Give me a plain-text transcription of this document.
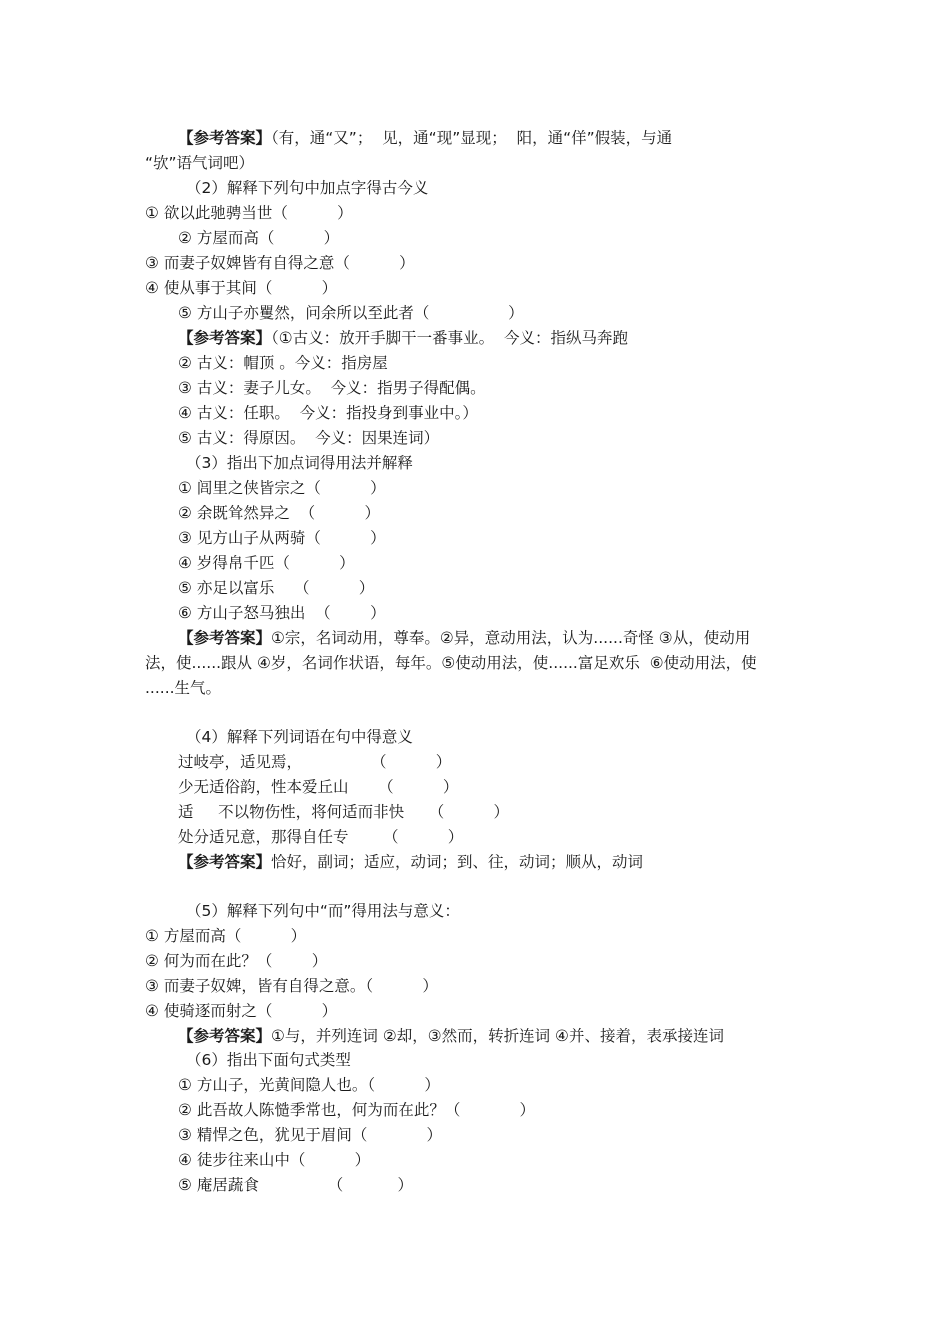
【参考答案】（有，通“又”；  见，通“现”显现；  阳，通“佯”假装，与通
“欤”语气词吧）
（2）解释下列句中加点字得古今义
① 欲以此驰骋当世（          ）
② 方屋而高（          ）
③ 而妻子奴婢皆有自得之意（          ）
④ 使从事于其间（          ）
⑤ 方山子亦矍然，问余所以至此者（                ）
【参考答案】（①古义：放开手脚干一番事业。  今义：指纵马奔跑
② 古义：帽顶 。今义：指房屋
③ 古义：妻子儿女。  今义：指男子得配偶。
④ 古义：任职。  今义：指投身到事业中。）
⑤ 古义：得原因。  今义：因果连词）
（3）指出下加点词得用法并解释
① 闾里之侠皆宗之（          ）
② 余既耸然异之  （          ）
③ 见方山子从两骑（          ）
④ 岁得帛千匹（          ）
⑤ 亦足以富乐    （          ）
⑥ 方山子怒马独出  （        ）
【参考答案】①宗，名词动用，尊奉。②异，意动用法，认为......奇怪 ③从，使动用
法，使......跟从 ④岁，名词作状语，每年。⑤使动用法，使......富足欢乐  ⑥使动用法，使
......生气。
（4）解释下列词语在句中得意义
过岐亭，适见焉，              （          ）
少无适俗韵，性本爱丘山      （          ）
适     不以物伤性，将何适而非快     （          ）
处分适兄意，那得自任专       （          ）
【参考答案】恰好，副词；适应，动词；到、往，动词；顺从，动词
（5）解释下列句中“而”得用法与意义：
① 方屋而高（          ）
② 何为而在此？（        ）
③ 而妻子奴婢，皆有自得之意。（          ）
④ 使骑逐而射之（          ）
【参考答案】①与，并列连词 ②却，③然而，转折连词 ④并、接着，表承接连词
（6）指出下面句式类型
① 方山子，光黄间隐人也。（          ）
② 此吾故人陈慥季常也，何为而在此？（            ）
③ 精悍之色，犹见于眉间（            ）
④ 徒步往来山中（          ）
⑤ 庵居蔬食              （           ）
